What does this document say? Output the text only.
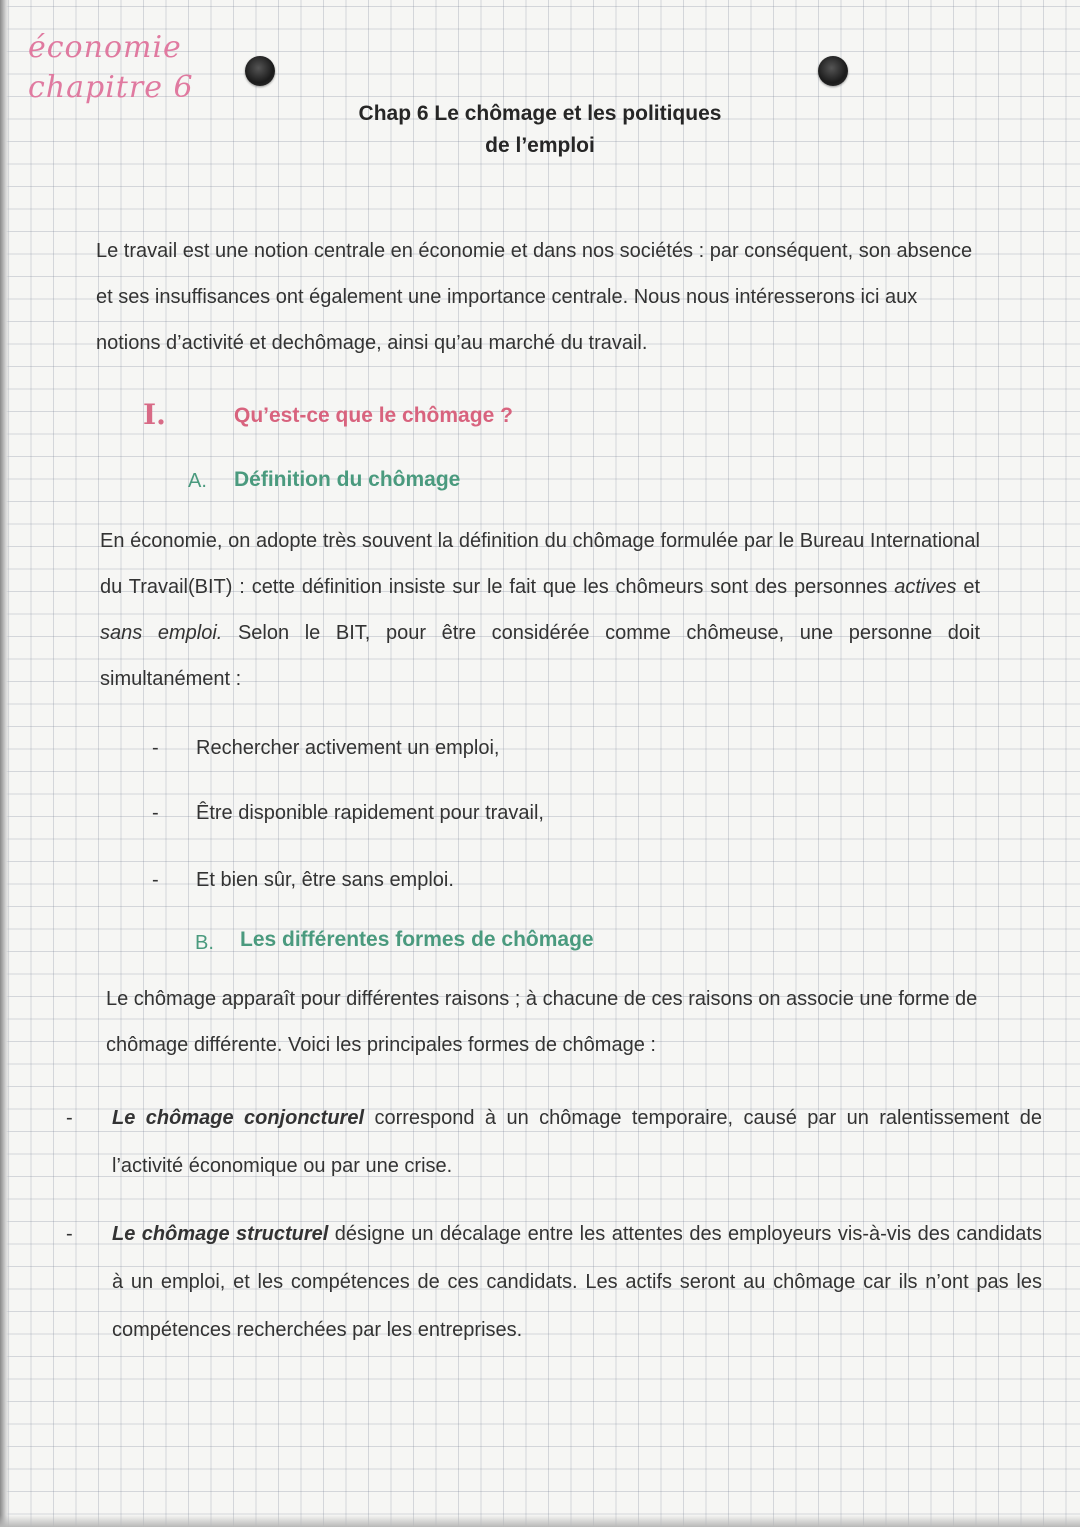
économie
chapitre 6
Chap 6 Le chômage et les politiques
de l’emploi
Le travail est une notion centrale en économie et dans nos sociétés : par conséquent, son absence et ses insuffisances ont également une importance centrale. Nous nous intéresserons ici aux notions d’activité et dechômage, ainsi qu’au marché du travail.
I.	Qu’est-ce que le chômage ?
A. Définition du chômage
En économie, on adopte très souvent la définition du chômage formulée par le Bureau International du Travail(BIT) : cette définition insiste sur le fait que les chômeurs sont des personnes actives et sans emploi. Selon le BIT, pour être considérée comme chômeuse, une personne doit simultanément :
- Rechercher activement un emploi,
- Être disponible rapidement pour travail,
- Et bien sûr, être sans emploi.
B. Les différentes formes de chômage
Le chômage apparaît pour différentes raisons ; à chacune de ces raisons on associe une forme de chômage différente. Voici les principales formes de chômage :
- Le chômage conjoncturel correspond à un chômage temporaire, causé par un ralentissement de l’activité économique ou par une crise.
- Le chômage structurel désigne un décalage entre les attentes des employeurs vis-à-vis des candidats à un emploi, et les compétences de ces candidats. Les actifs seront au chômage car ils n’ont pas les compétences recherchées par les entreprises.
